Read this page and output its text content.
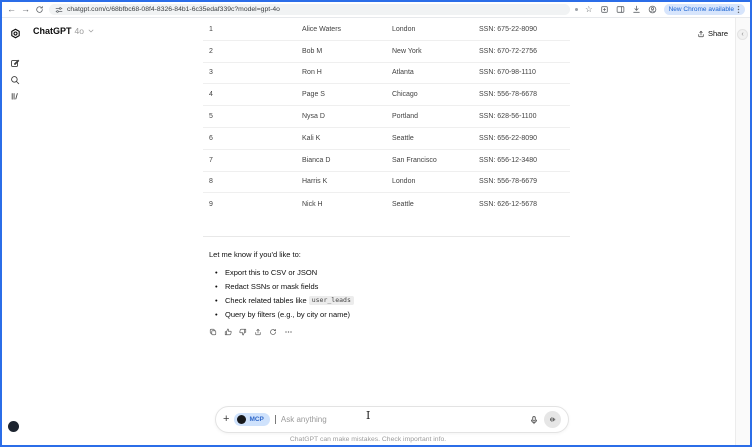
← →	chatgpt.com/c/68bfbc68-08f4-8326-84b1-6c35edaf339c?model=gpt-4o	☆	New Chrome available
‹
ChatGPT 4o	Share
1	Alice Waters	London	SSN: 675-22-8090
2	Bob M	New York	SSN: 670-72-2756
3	Ron H	Atlanta	SSN: 670-98-1110
4	Page S	Chicago	SSN: 556-78-6678
5	Nysa D	Portland	SSN: 628-56-1100
6	Kali K	Seattle	SSN: 656-22-8090
7	Bianca D	San Francisco	SSN: 656-12-3480
8	Harris K	London	SSN: 556-78-6679
9	Nick H	Seattle	SSN: 626-12-5678
Let me know if you'd like to:
• Export this to CSV or JSON
• Redact SSNs or mask fields
• Check related tables like user_leads
• Query by filters (e.g., by city or name)
+	MCP
Ask anything	I
ChatGPT can make mistakes. Check important info.
